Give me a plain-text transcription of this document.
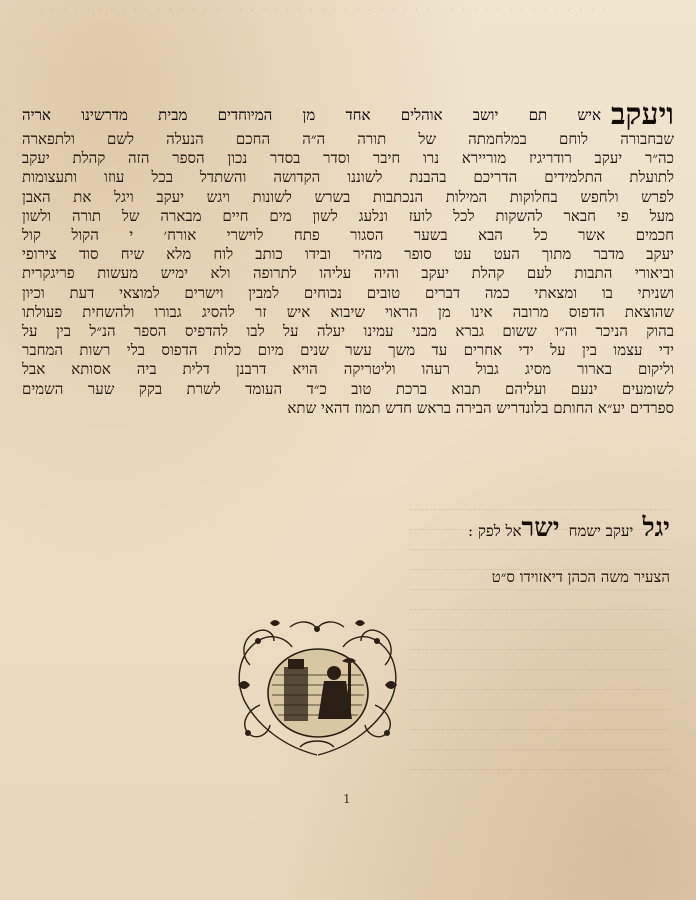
· · · · · · · · · · · · · · · · · · · · · · · · · · · · · · · · · · · · · · · · · · · · · · · · ·
ויעקב
איש תם יושב אוהלים אחד מן המיוחדים מבית מדרשינו אריה
שבחבורה לוחם במלחמתה של תורה ה״ה החכם הנעלה לשם ולתפארה
כה״ר יעקב רודריגיז מוריירא נרו חיבר וסדר בסדר נכון הספר הזה קהלת יעקב
לתועלת התלמידים הדריכם בהבנת לשוננו הקדושה והשתדל בכל עוזו ותעצומות
לפרש ולחפש בחלוקות המילות הנכתבות בשרש לשונות ויגש יעקב ויגל את האבן
מעל פי חבאר להשקות לכל לועז ונלעג לשון מים חיים מבארה של תורה ולשון
חכמים אשר כל הבא בשער הסגור פתח לוישרי אורח׳ י הקול קול
יעקב מדבר מתוך העט עט סופר מהיר ובידו כותב לוח מלא שיח סוד צירופי
וביאורי התבות לעם קהלת יעקב והיה עליהו לתרופה ולא ימיש מעשות פריגקרית
ושניתי בו ומצאתי כמה דברים טובים נכוחים למבין וישרים למוצאי דעת וכיון
שהוצאת הדפוס מרובה אינו מן הראוי שיבוא איש זר להסיג גבורו ולהשחית פעולתו
בהוק הניכר וה״ו ששום גברא מבני עמינו יעלה על לבו להדפיס הספר הנ״ל בין על
ידי עצמו בין על ידי אחרים עד משך עשר שנים מיום כלות הדפוס בלי רשות המחבר
וליקום בארור מסיג גבול רעהו וליטריקה הויא דרבנן דלית ביה אסותא אבל
לשומעים ינעם ועליהם תבוא ברכת טוב כ״ד העומד לשרת בקק שער השמים
ספרדים יע״א החותם בלונדריש הבירה בראש חדש תמוז דהאי שתא
יגל יעקב ישמח ישראל לפק :
הצעיר משה הכהן דיאזוידו ס״ט
1
